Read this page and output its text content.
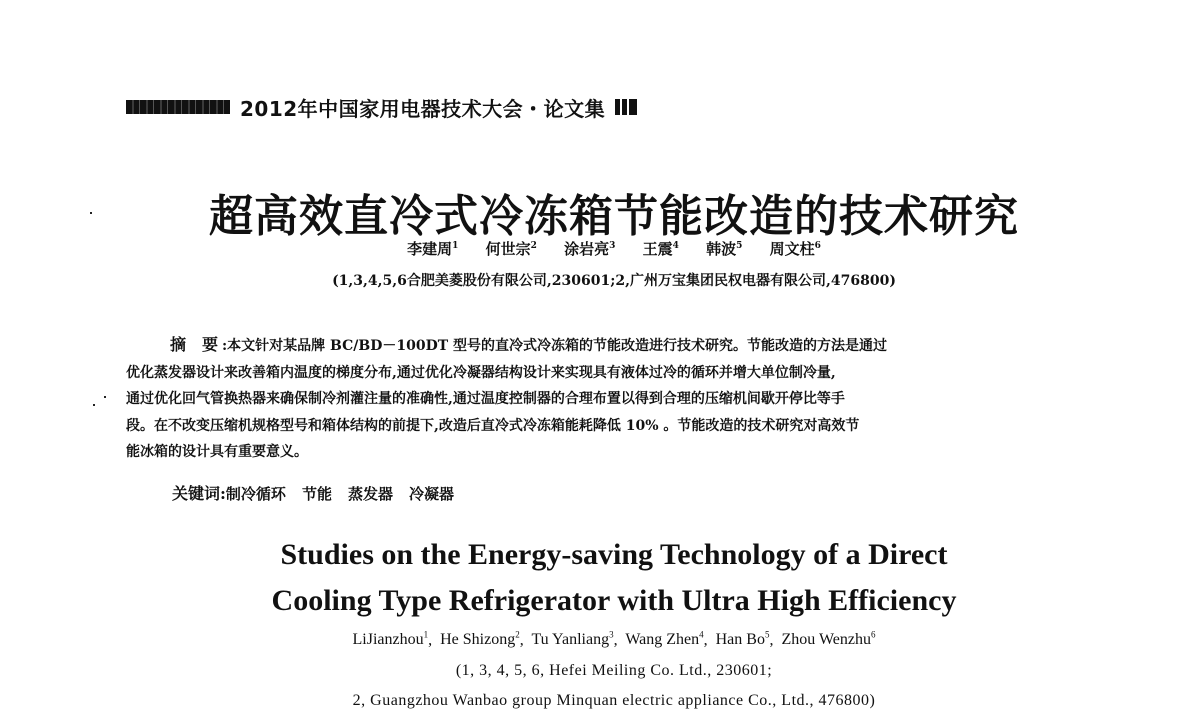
2012年中国家用电器技术大会・论文集
超高效直冷式冷冻箱节能改造的技术研究
李建周$^1$ 何世宗$^2$ 涂岩亮$^3$ 王震$^4$ 韩波$^5$ 周文柱$^6$
(1,3,4,5,6合肥美菱股份有限公司,230601;2,广州万宝集团民权电器有限公司,476800)
摘　要 :本文针对某品牌 BC/BD－100DT 型号的直冷式冷冻箱的节能改造进行技术研究。节能改造的方法是通过
优化蒸发器设计来改善箱内温度的梯度分布,通过优化冷凝器结构设计来实现具有液体过冷的循环并增大单位制冷量,
通过优化回气管换热器来确保制冷剂灌注量的准确性,通过温度控制器的合理布置以得到合理的压缩机间歇开停比等手
段。在不改变压缩机规格型号和箱体结构的前提下,改造后直冷式冷冻箱能耗降低 10% 。节能改造的技术研究对高效节
能冰箱的设计具有重要意义。
关键词:制冷循环 节能 蒸发器 冷凝器
Studies on the Energy-saving Technology of a Direct
Cooling Type Refrigerator with Ultra High Efficiency
LiJianzhou$^1$,  He Shizong$^2$,  Tu Yanliang$^3$,  Wang Zhen$^4$,  Han Bo$^5$,  Zhou Wenzhu$^6$
(1, 3, 4, 5, 6, Hefei Meiling Co. Ltd., 230601;
2, Guangzhou Wanbao group Minquan electric appliance Co., Ltd., 476800)
